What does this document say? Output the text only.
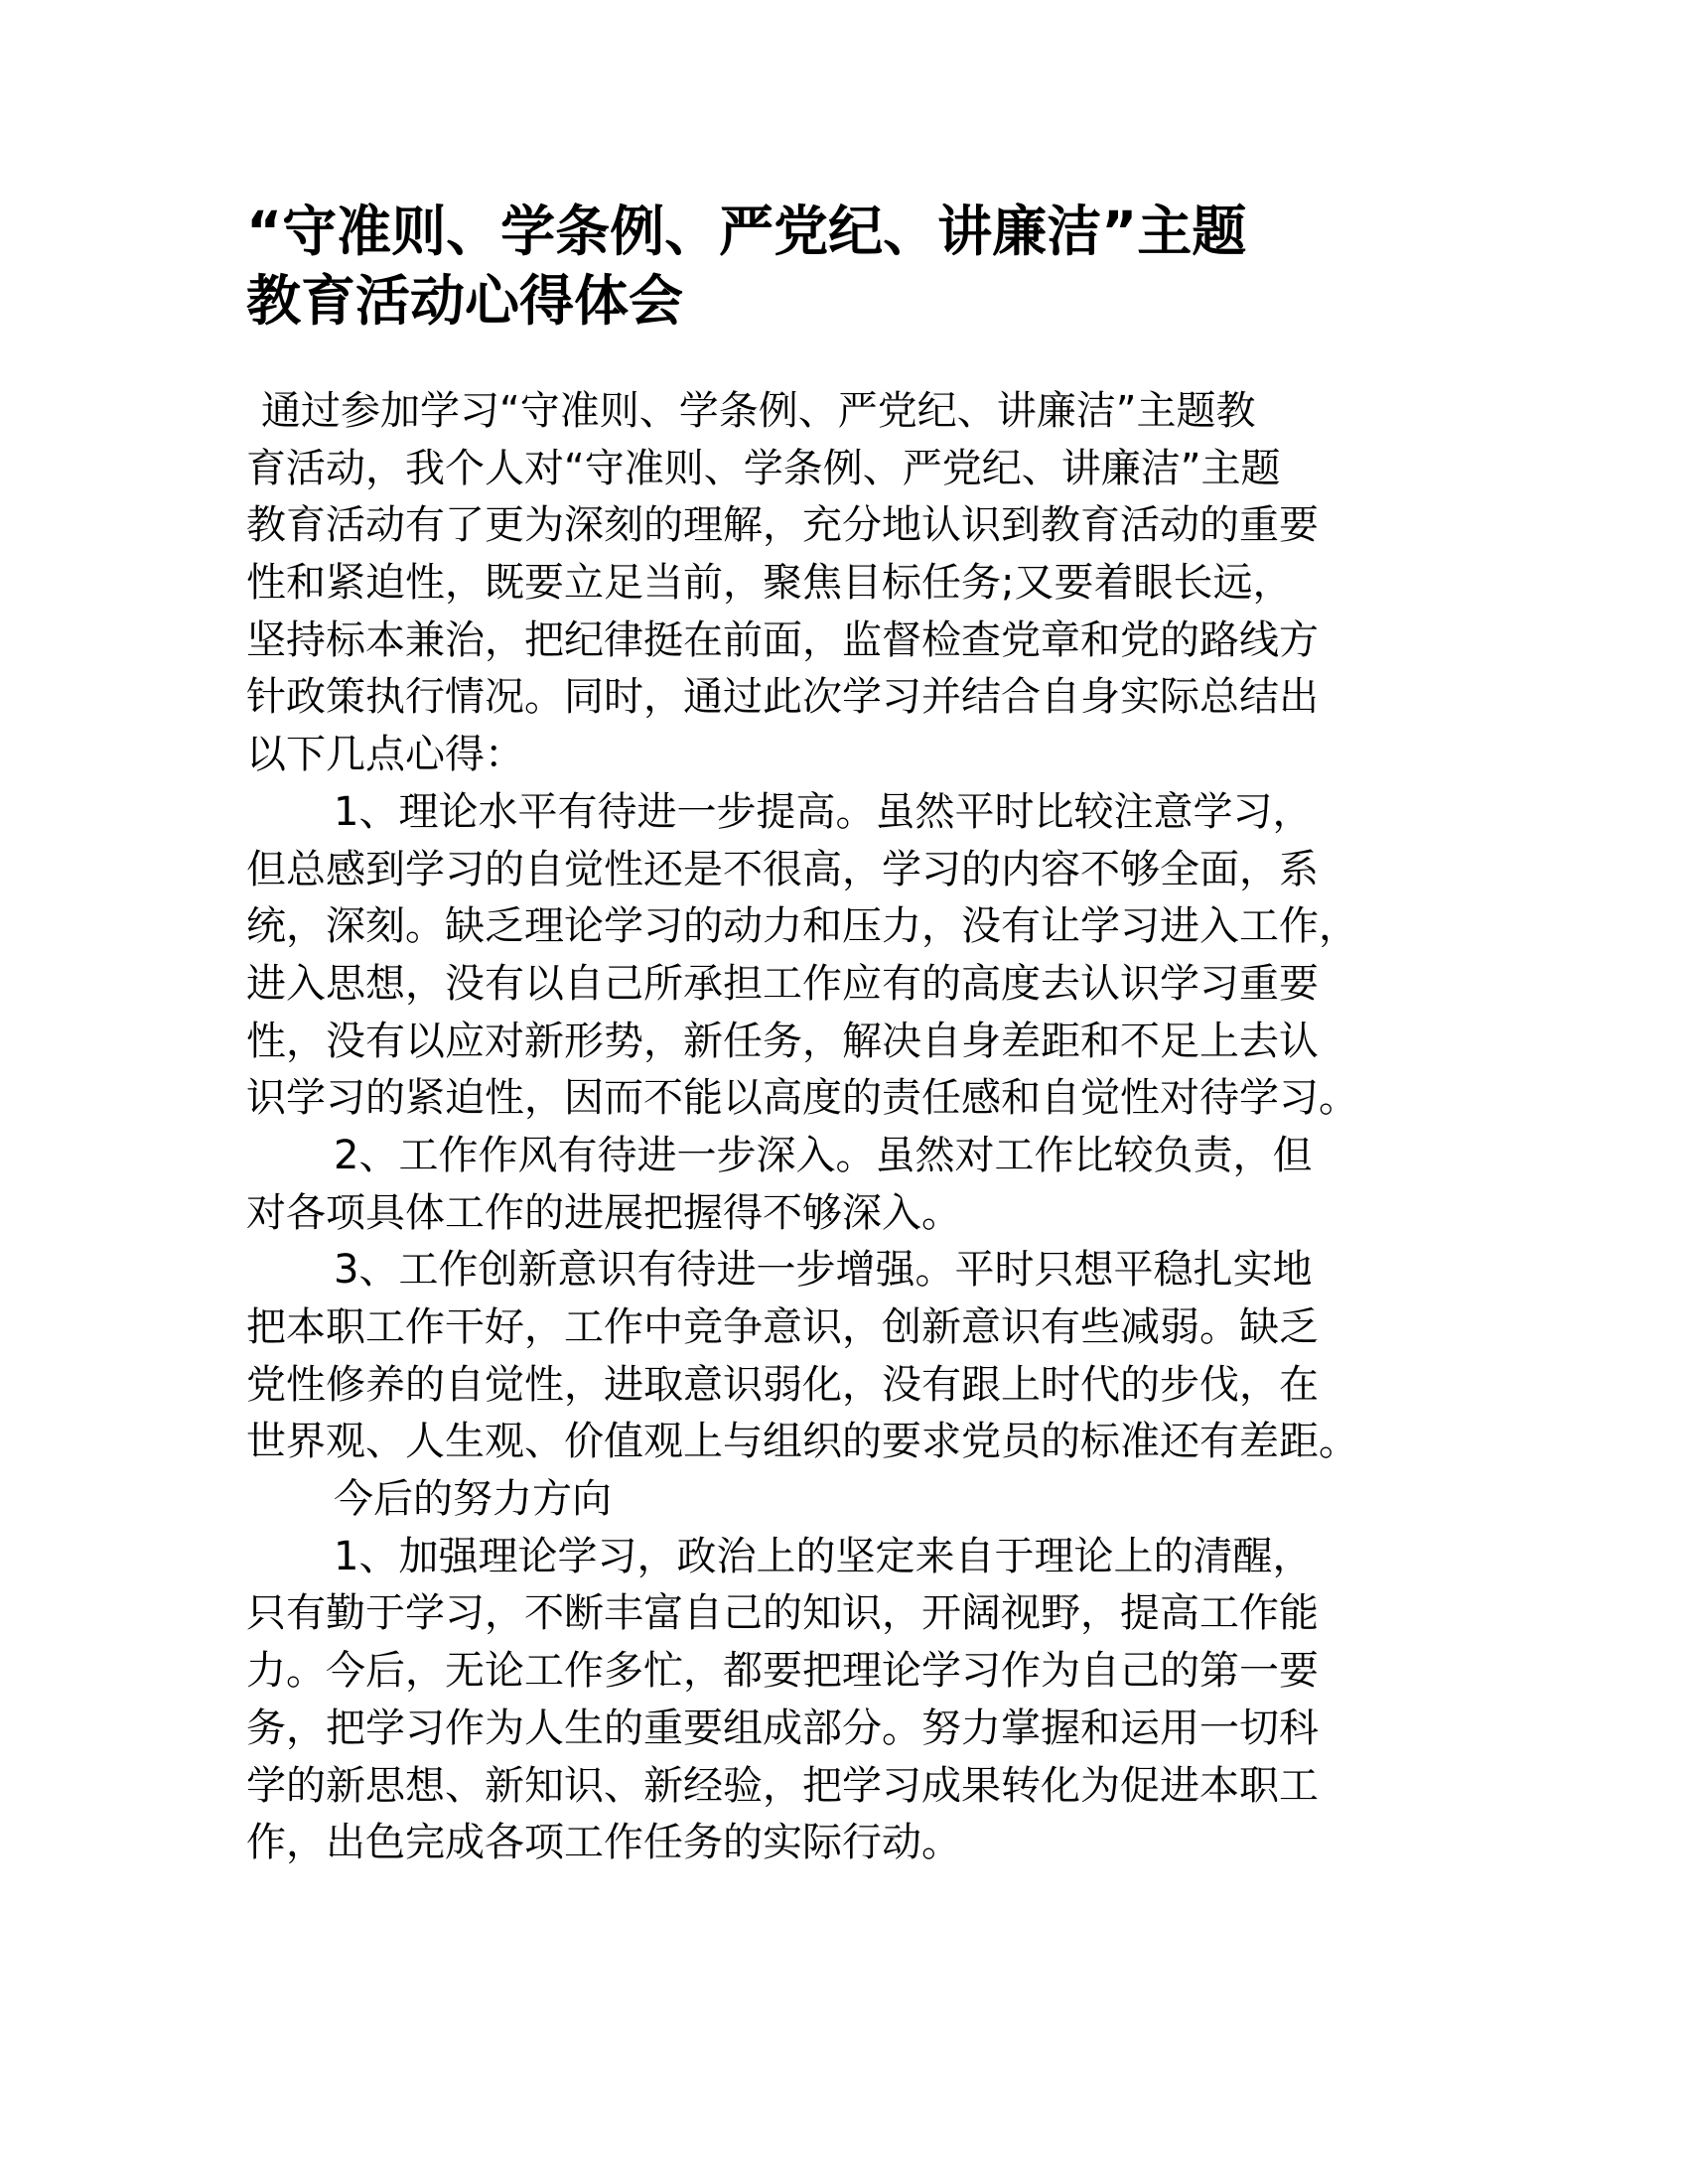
“守准则、学条例、严党纪、讲廉洁”主题
教育活动心得体会
通过参加学习“守准则、学条例、严党纪、讲廉洁”主题教
育活动，我个人对“守准则、学条例、严党纪、讲廉洁”主题
教育活动有了更为深刻的理解，充分地认识到教育活动的重要
性和紧迫性，既要立足当前，聚焦目标任务;又要着眼长远，
坚持标本兼治，把纪律挺在前面，监督检查党章和党的路线方
针政策执行情况。同时，通过此次学习并结合自身实际总结出
以下几点心得：
1、理论水平有待进一步提高。虽然平时比较注意学习，
但总感到学习的自觉性还是不很高，学习的内容不够全面，系
统，深刻。缺乏理论学习的动力和压力，没有让学习进入工作，
进入思想，没有以自己所承担工作应有的高度去认识学习重要
性，没有以应对新形势，新任务，解决自身差距和不足上去认
识学习的紧迫性，因而不能以高度的责任感和自觉性对待学习。
2、工作作风有待进一步深入。虽然对工作比较负责，但
对各项具体工作的进展把握得不够深入。
3、工作创新意识有待进一步增强。平时只想平稳扎实地
把本职工作干好，工作中竞争意识，创新意识有些减弱。缺乏
党性修养的自觉性，进取意识弱化，没有跟上时代的步伐，在
世界观、人生观、价值观上与组织的要求党员的标准还有差距。
今后的努力方向
1、加强理论学习，政治上的坚定来自于理论上的清醒，
只有勤于学习，不断丰富自己的知识，开阔视野，提高工作能
力。今后，无论工作多忙，都要把理论学习作为自己的第一要
务，把学习作为人生的重要组成部分。努力掌握和运用一切科
学的新思想、新知识、新经验，把学习成果转化为促进本职工
作，出色完成各项工作任务的实际行动。
